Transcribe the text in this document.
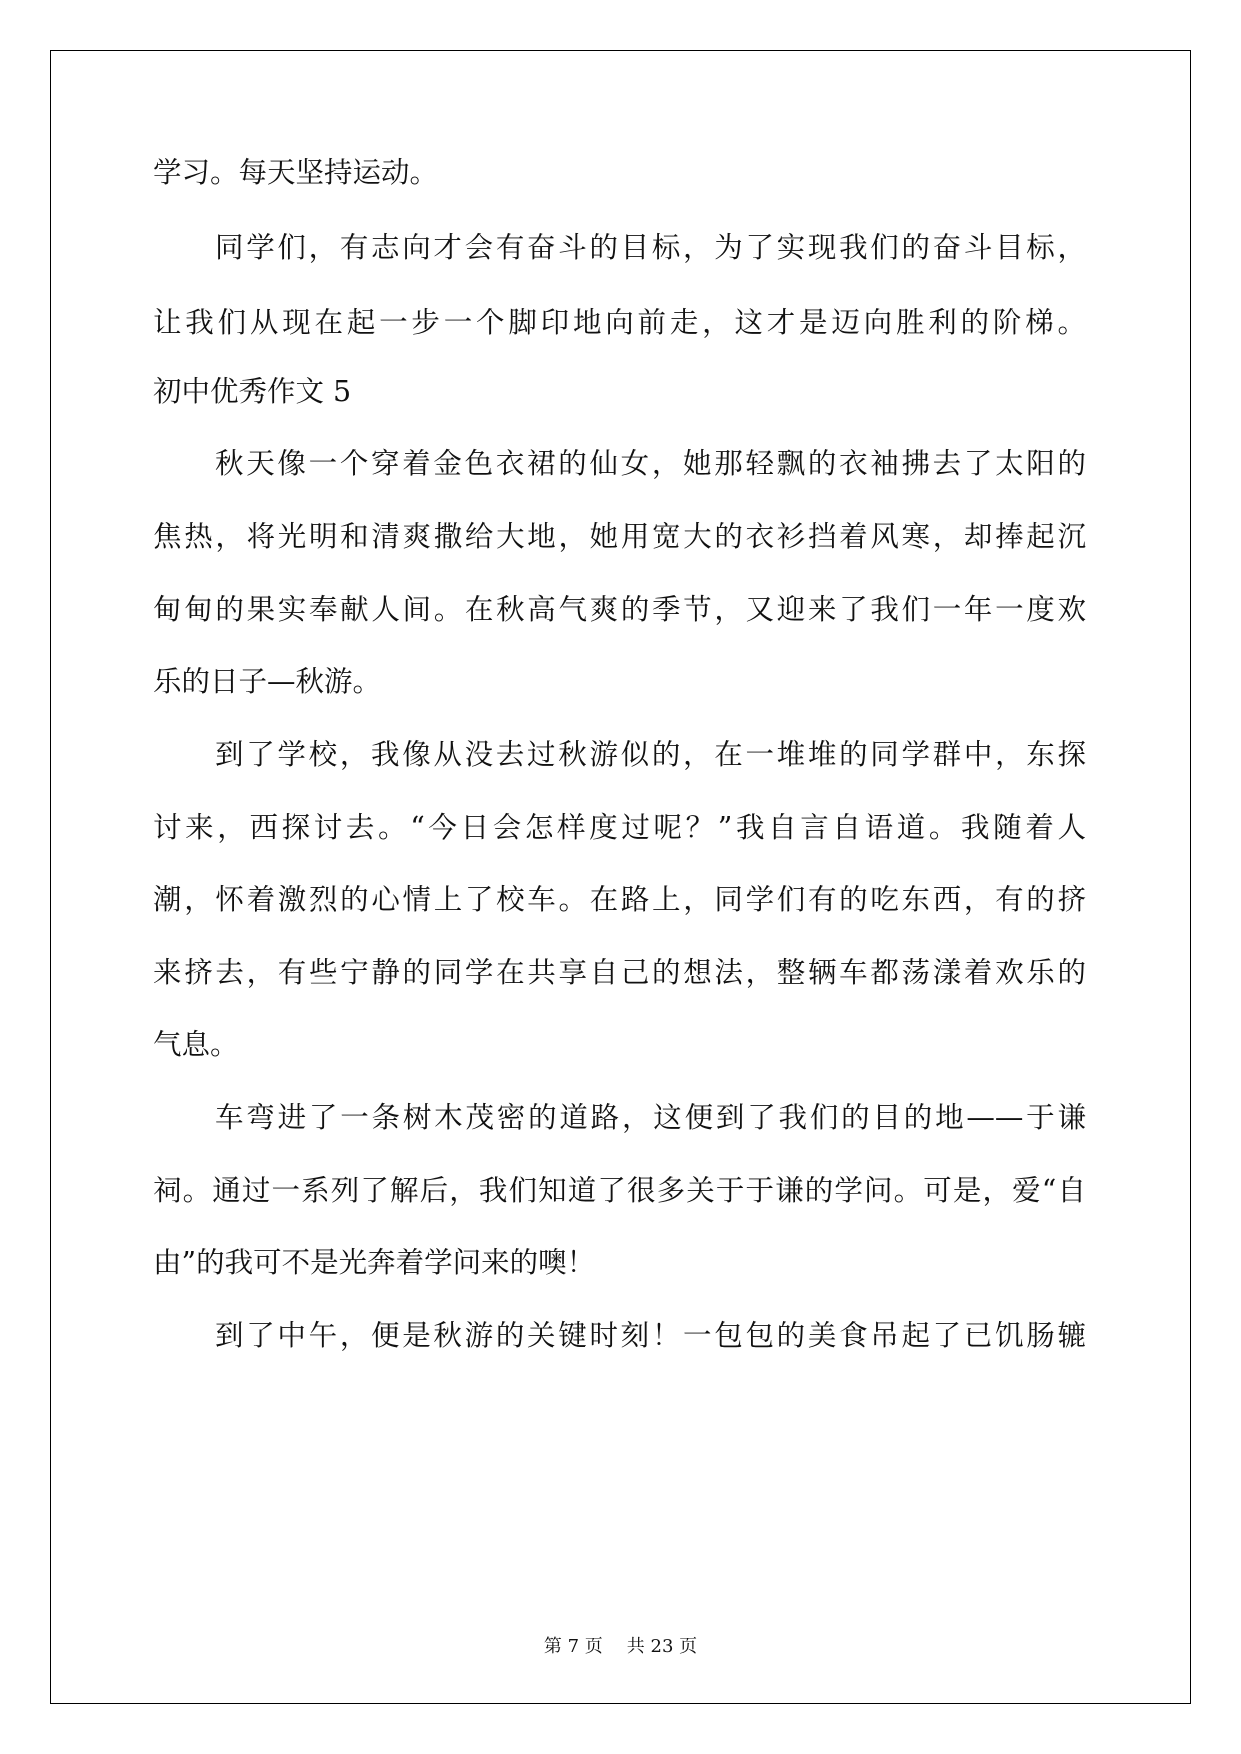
学习。每天坚持运动。
同学们，有志向才会有奋斗的目标，为了实现我们的奋斗目标，
让我们从现在起一步一个脚印地向前走，这才是迈向胜利的阶梯。
初中优秀作文 5
秋天像一个穿着金色衣裙的仙女，她那轻飘的衣袖拂去了太阳的
焦热，将光明和清爽撒给大地，她用宽大的衣衫挡着风寒，却捧起沉
甸甸的果实奉献人间。在秋高气爽的季节，又迎来了我们一年一度欢
乐的日子—秋游。
到了学校，我像从没去过秋游似的，在一堆堆的同学群中，东探
讨来，西探讨去。“今日会怎样度过呢？”我自言自语道。我随着人
潮，怀着激烈的心情上了校车。在路上，同学们有的吃东西，有的挤
来挤去，有些宁静的同学在共享自己的想法，整辆车都荡漾着欢乐的
气息。
车弯进了一条树木茂密的道路，这便到了我们的目的地——于谦
祠。通过一系列了解后，我们知道了很多关于于谦的学问。可是，爱“自
由”的我可不是光奔着学问来的噢！
到了中午，便是秋游的关键时刻！一包包的美食吊起了已饥肠辘
第 7 页 共 23 页
